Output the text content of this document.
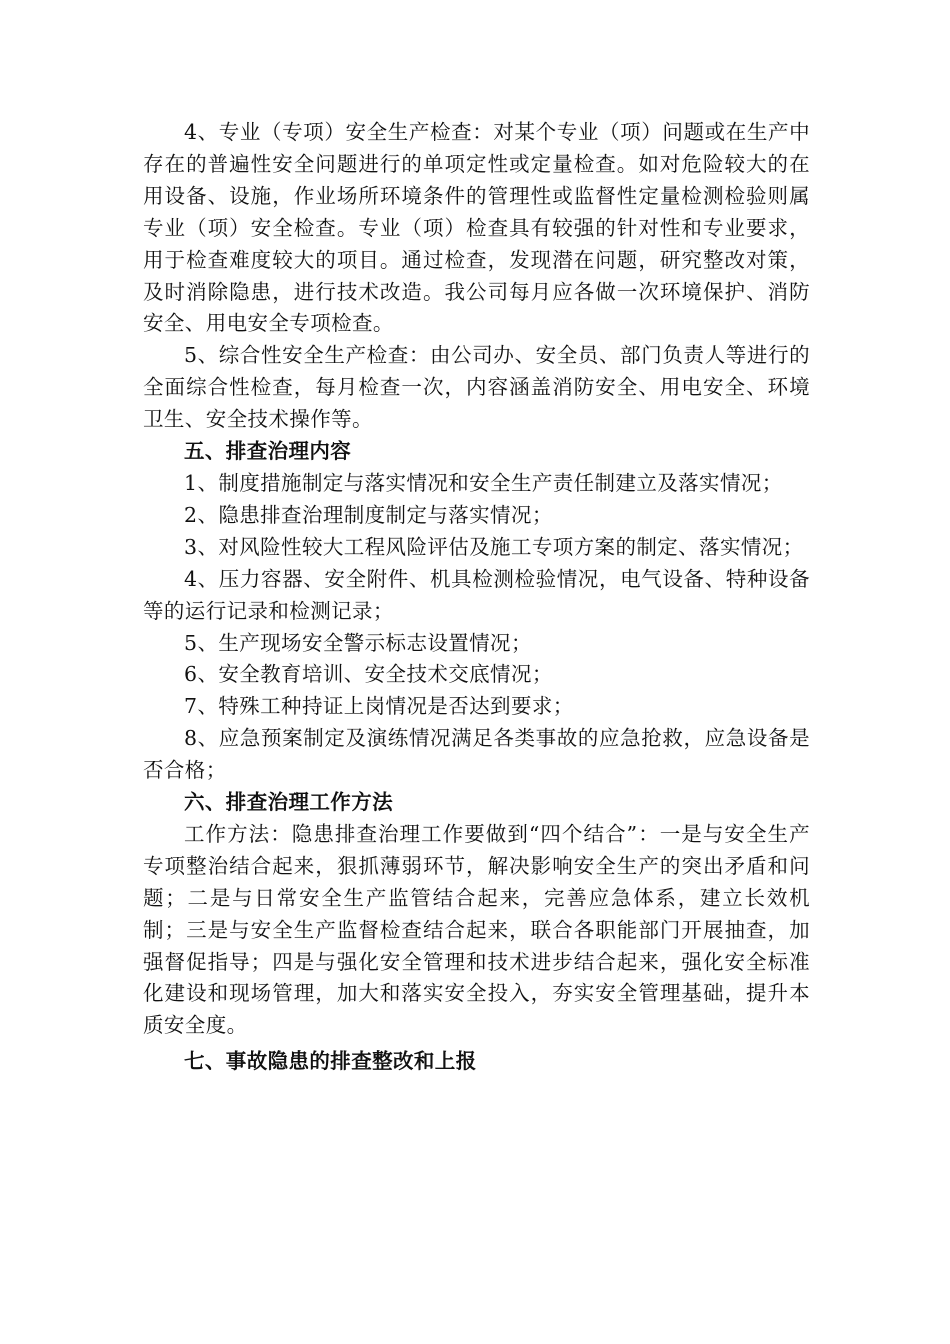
4、专业（专项）安全生产检查：对某个专业（项）问题或在生产中存在的普遍性安全问题进行的单项定性或定量检查。如对危险较大的在用设备、设施，作业场所环境条件的管理性或监督性定量检测检验则属专业（项）安全检查。专业（项）检查具有较强的针对性和专业要求，用于检查难度较大的项目。通过检查，发现潜在问题，研究整改对策，及时消除隐患，进行技术改造。我公司每月应各做一次环境保护、消防安全、用电安全专项检查。

5、综合性安全生产检查：由公司办、安全员、部门负责人等进行的全面综合性检查，每月检查一次，内容涵盖消防安全、用电安全、环境卫生、安全技术操作等。

五、排查治理内容

1、制度措施制定与落实情况和安全生产责任制建立及落实情况；

2、隐患排查治理制度制定与落实情况；

3、对风险性较大工程风险评估及施工专项方案的制定、落实情况；

4、压力容器、安全附件、机具检测检验情况，电气设备、特种设备等的运行记录和检测记录；

5、生产现场安全警示标志设置情况；

6、安全教育培训、安全技术交底情况；

7、特殊工种持证上岗情况是否达到要求；

8、应急预案制定及演练情况满足各类事故的应急抢救，应急设备是否合格；

六、排查治理工作方法

工作方法：隐患排查治理工作要做到“四个结合”：一是与安全生产专项整治结合起来，狠抓薄弱环节，解决影响安全生产的突出矛盾和问题；二是与日常安全生产监管结合起来，完善应急体系，建立长效机制；三是与安全生产监督检查结合起来，联合各职能部门开展抽查，加强督促指导；四是与强化安全管理和技术进步结合起来，强化安全标准化建设和现场管理，加大和落实安全投入，夯实安全管理基础，提升本质安全度。

七、事故隐患的排查整改和上报
